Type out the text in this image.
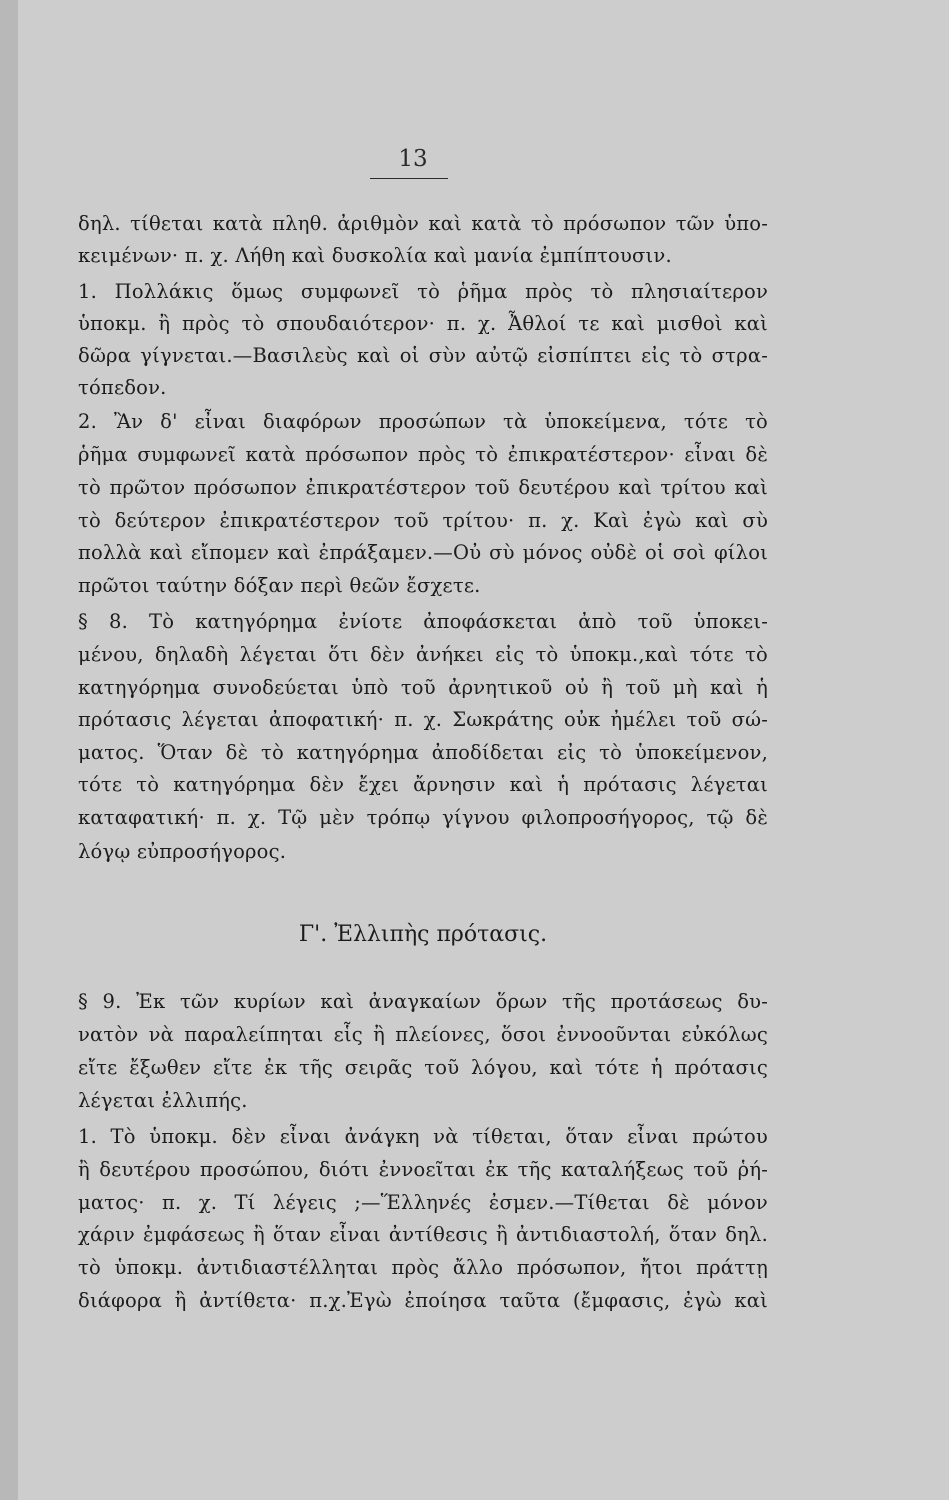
13
δηλ. τίθεται κατὰ πληθ. ἀριθμὸν καὶ κατὰ τὸ πρόσωπον τῶν ὑπο-
κειμένων· π. χ. Λήθη καὶ δυσκολία καὶ μανία ἐμπίπτουσιν.
1. Πολλάκις ὅμως συμφωνεῖ τὸ ῥῆμα πρὸς τὸ πλησιαίτερον
ὑποκμ. ἢ πρὸς τὸ σπουδαιότερον· π. χ. Ἆθλοί τε καὶ μισθοὶ καὶ
δῶρα γίγνεται.—Βασιλεὺς καὶ οἱ σὺν αὐτῷ εἰσπίπτει εἰς τὸ στρα-
τόπεδον.
2. Ἂν δ' εἶναι διαφόρων προσώπων τὰ ὑποκείμενα, τότε τὸ
ῥῆμα συμφωνεῖ κατὰ πρόσωπον πρὸς τὸ ἐπικρατέστερον· εἶναι δὲ
τὸ πρῶτον πρόσωπον ἐπικρατέστερον τοῦ δευτέρου καὶ τρίτου καὶ
τὸ δεύτερον ἐπικρατέστερον τοῦ τρίτου· π. χ. Καὶ ἐγὼ καὶ σὺ
πολλὰ καὶ εἴπομεν καὶ ἐπράξαμεν.—Οὐ σὺ μόνος οὐδὲ οἱ σοὶ φίλοι
πρῶτοι ταύτην δόξαν περὶ θεῶν ἔσχετε.
§ 8. Τὸ κατηγόρημα ἐνίοτε ἀποφάσκεται ἀπὸ τοῦ ὑποκει-
μένου, δηλαδὴ λέγεται ὅτι δὲν ἀνήκει εἰς τὸ ὑποκμ.,καὶ τότε τὸ
κατηγόρημα συνοδεύεται ὑπὸ τοῦ ἀρνητικοῦ οὐ ἢ τοῦ μὴ καὶ ἡ
πρότασις λέγεται ἀποφατική· π. χ. Σωκράτης οὐκ ἠμέλει τοῦ σώ-
ματος. Ὅταν δὲ τὸ κατηγόρημα ἀποδίδεται εἰς τὸ ὑποκείμενον,
τότε τὸ κατηγόρημα δὲν ἔχει ἄρνησιν καὶ ἡ πρότασις λέγεται
καταφατική· π. χ. Τῷ μὲν τρόπῳ γίγνου φιλοπροσήγορος, τῷ δὲ
λόγῳ εὐπροσήγορος.
Γ'. Ἐλλιπὴς πρότασις.
§ 9. Ἐκ τῶν κυρίων καὶ ἀναγκαίων ὅρων τῆς προτάσεως δυ-
νατὸν νὰ παραλείπηται εἷς ἢ πλείονες, ὅσοι ἐννοοῦνται εὐκόλως
εἴτε ἔξωθεν εἴτε ἐκ τῆς σειρᾶς τοῦ λόγου, καὶ τότε ἡ πρότασις
λέγεται ἐλλιπής.
1. Τὸ ὑποκμ. δὲν εἶναι ἀνάγκη νὰ τίθεται, ὅταν εἶναι πρώτου
ἢ δευτέρου προσώπου, διότι ἐννοεῖται ἐκ τῆς καταλήξεως τοῦ ῥή-
ματος· π. χ. Τί λέγεις ;—Ἕλληνές ἐσμεν.—Τίθεται δὲ μόνον
χάριν ἐμφάσεως ἢ ὅταν εἶναι ἀντίθεσις ἢ ἀντιδιαστολή, ὅταν δηλ.
τὸ ὑποκμ. ἀντιδιαστέλληται πρὸς ἄλλο πρόσωπον, ἤτοι πράττῃ
διάφορα ἢ ἀντίθετα· π.χ.Ἐγὼ ἐποίησα ταῦτα (ἔμφασις, ἐγὼ καὶ
